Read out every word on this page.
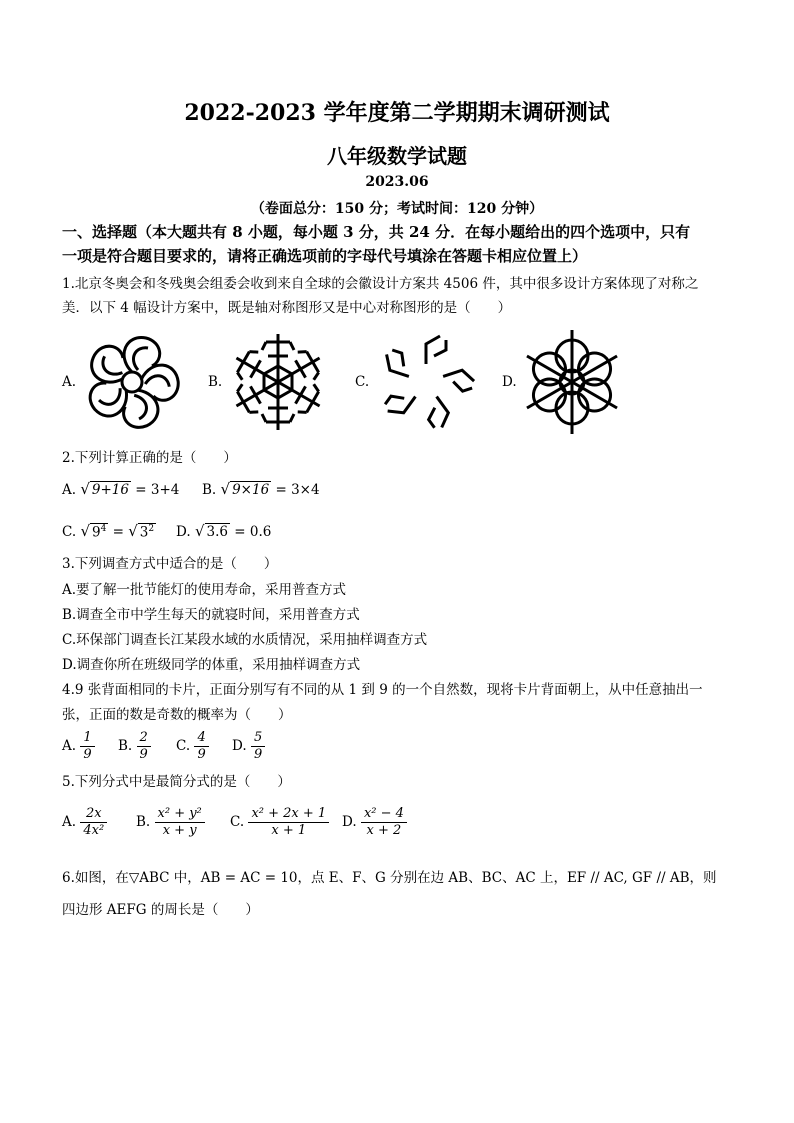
2022-2023 学年度第二学期期末调研测试
八年级数学试题
2023.06
（卷面总分：150 分；考试时间：120 分钟）
一、选择题（本大题共有 8 小题，每小题 3 分，共 24 分．在每小题给出的四个选项中，只有
一项是符合题目要求的，请将正确选项前的字母代号填涂在答题卡相应位置上）
1.北京冬奥会和冬残奥会组委会收到来自全球的会徽设计方案共 4506 件，其中很多设计方案体现了对称之
美．以下 4 幅设计方案中，既是轴对称图形又是中心对称图形的是（　　）
A.	B.	C.	D.
2.下列计算正确的是（　　）
A. √ 9+16 = 3+4 B. √ 9×16 = 3×4
C. √ $9^4$ = √ $3^2$ D. √ 3.6 = 0.6
3.下列调查方式中适合的是（　　）
A.要了解一批节能灯的使用寿命，采用普查方式
B.调查全市中学生每天的就寝时间，采用普查方式
C.环保部门调查长江某段水域的水质情况，采用抽样调查方式
D.调查你所在班级同学的体重，采用抽样调查方式
4.9 张背面相同的卡片，正面分别写有不同的从 1 到 9 的一个自然数，现将卡片背面朝上，从中任意抽出一
张，正面的数是奇数的概率为（　　）
A. $\frac{1}{9} B$. $\frac{2}{9} C$. $\frac{4}{9} D$. $\frac{5}{9}$
5.下列分式中是最简分式的是（　　）
A. $\frac{2x}{\text{4x²}} B$. $\frac{\text{x² + y²}}{x + y} C$. $\frac{\text{x² + 2x + 1}}{x + 1} D$. $\frac{\text{x² − 4}}{x + 2}$
6.如图，在▽ABC 中，AB = AC = 10，点 E、F、G 分别在边 AB、BC、AC 上，EF // AC, GF // AB，则
四边形 AEFG 的周长是（　　）
